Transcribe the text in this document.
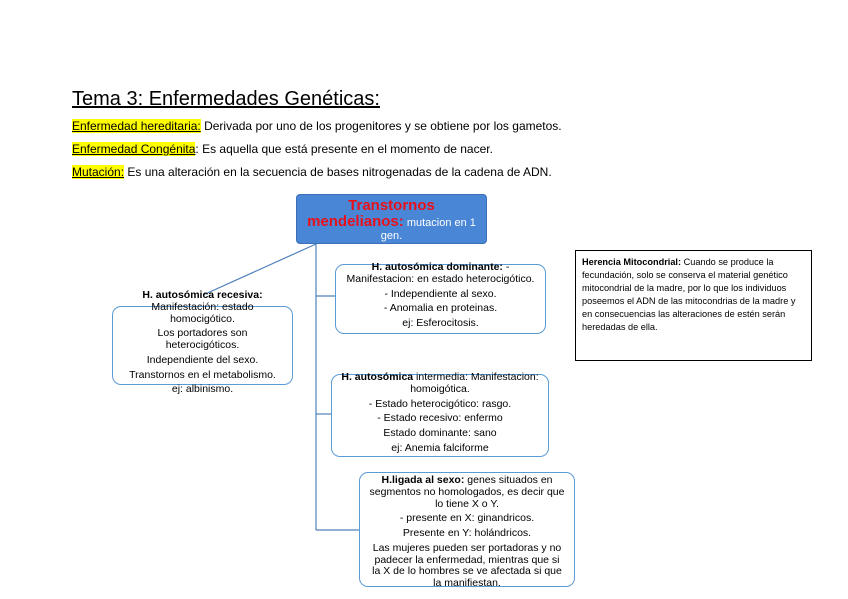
Tema 3: Enfermedades Genéticas:
Enfermedad hereditaria: Derivada por uno de los progenitores y se obtiene por los gametos.
Enfermedad Congénita: Es aquella que está presente en el momento de nacer.
Mutación: Es una alteración en la secuencia de bases nitrogenadas de la cadena de ADN.
Transtornos
mendelianos: mutacion en 1
gen.
H. autosómica recesiva:
Manifestación: estado
homocigótico.
Los portadores son
heterocigóticos.
Independiente del sexo.
Transtornos en el metabolismo.
ej: albinismo.
H. autosómica dominante: -
Manifestacion: en estado heterocigótico.
- Independiente al sexo.
- Anomalia en proteinas.
ej: Esferocitosis.
H. autosómica intermedia: Manifestacion:
homoigótica.
- Estado heterocigótico: rasgo.
- Estado recesivo: enfermo
Estado dominante: sano
ej: Anemia falciforme
H.ligada al sexo: genes situados en
segmentos no homologados, es decir que
lo tiene X o Y.
- presente en X: ginandricos.
Presente en Y: holándricos.
Las mujeres pueden ser portadoras y no
padecer la enfermedad, mientras que si
la X de lo hombres se ve afectada si que
la manifiestan.
Herencia Mitocondrial: Cuando se produce la fecundación, solo se conserva el material genético mitocondrial de la madre, por lo que los individuos poseemos el ADN de las mitocondrias de la madre y en consecuencias las alteraciones de estén serán heredadas de ella.
